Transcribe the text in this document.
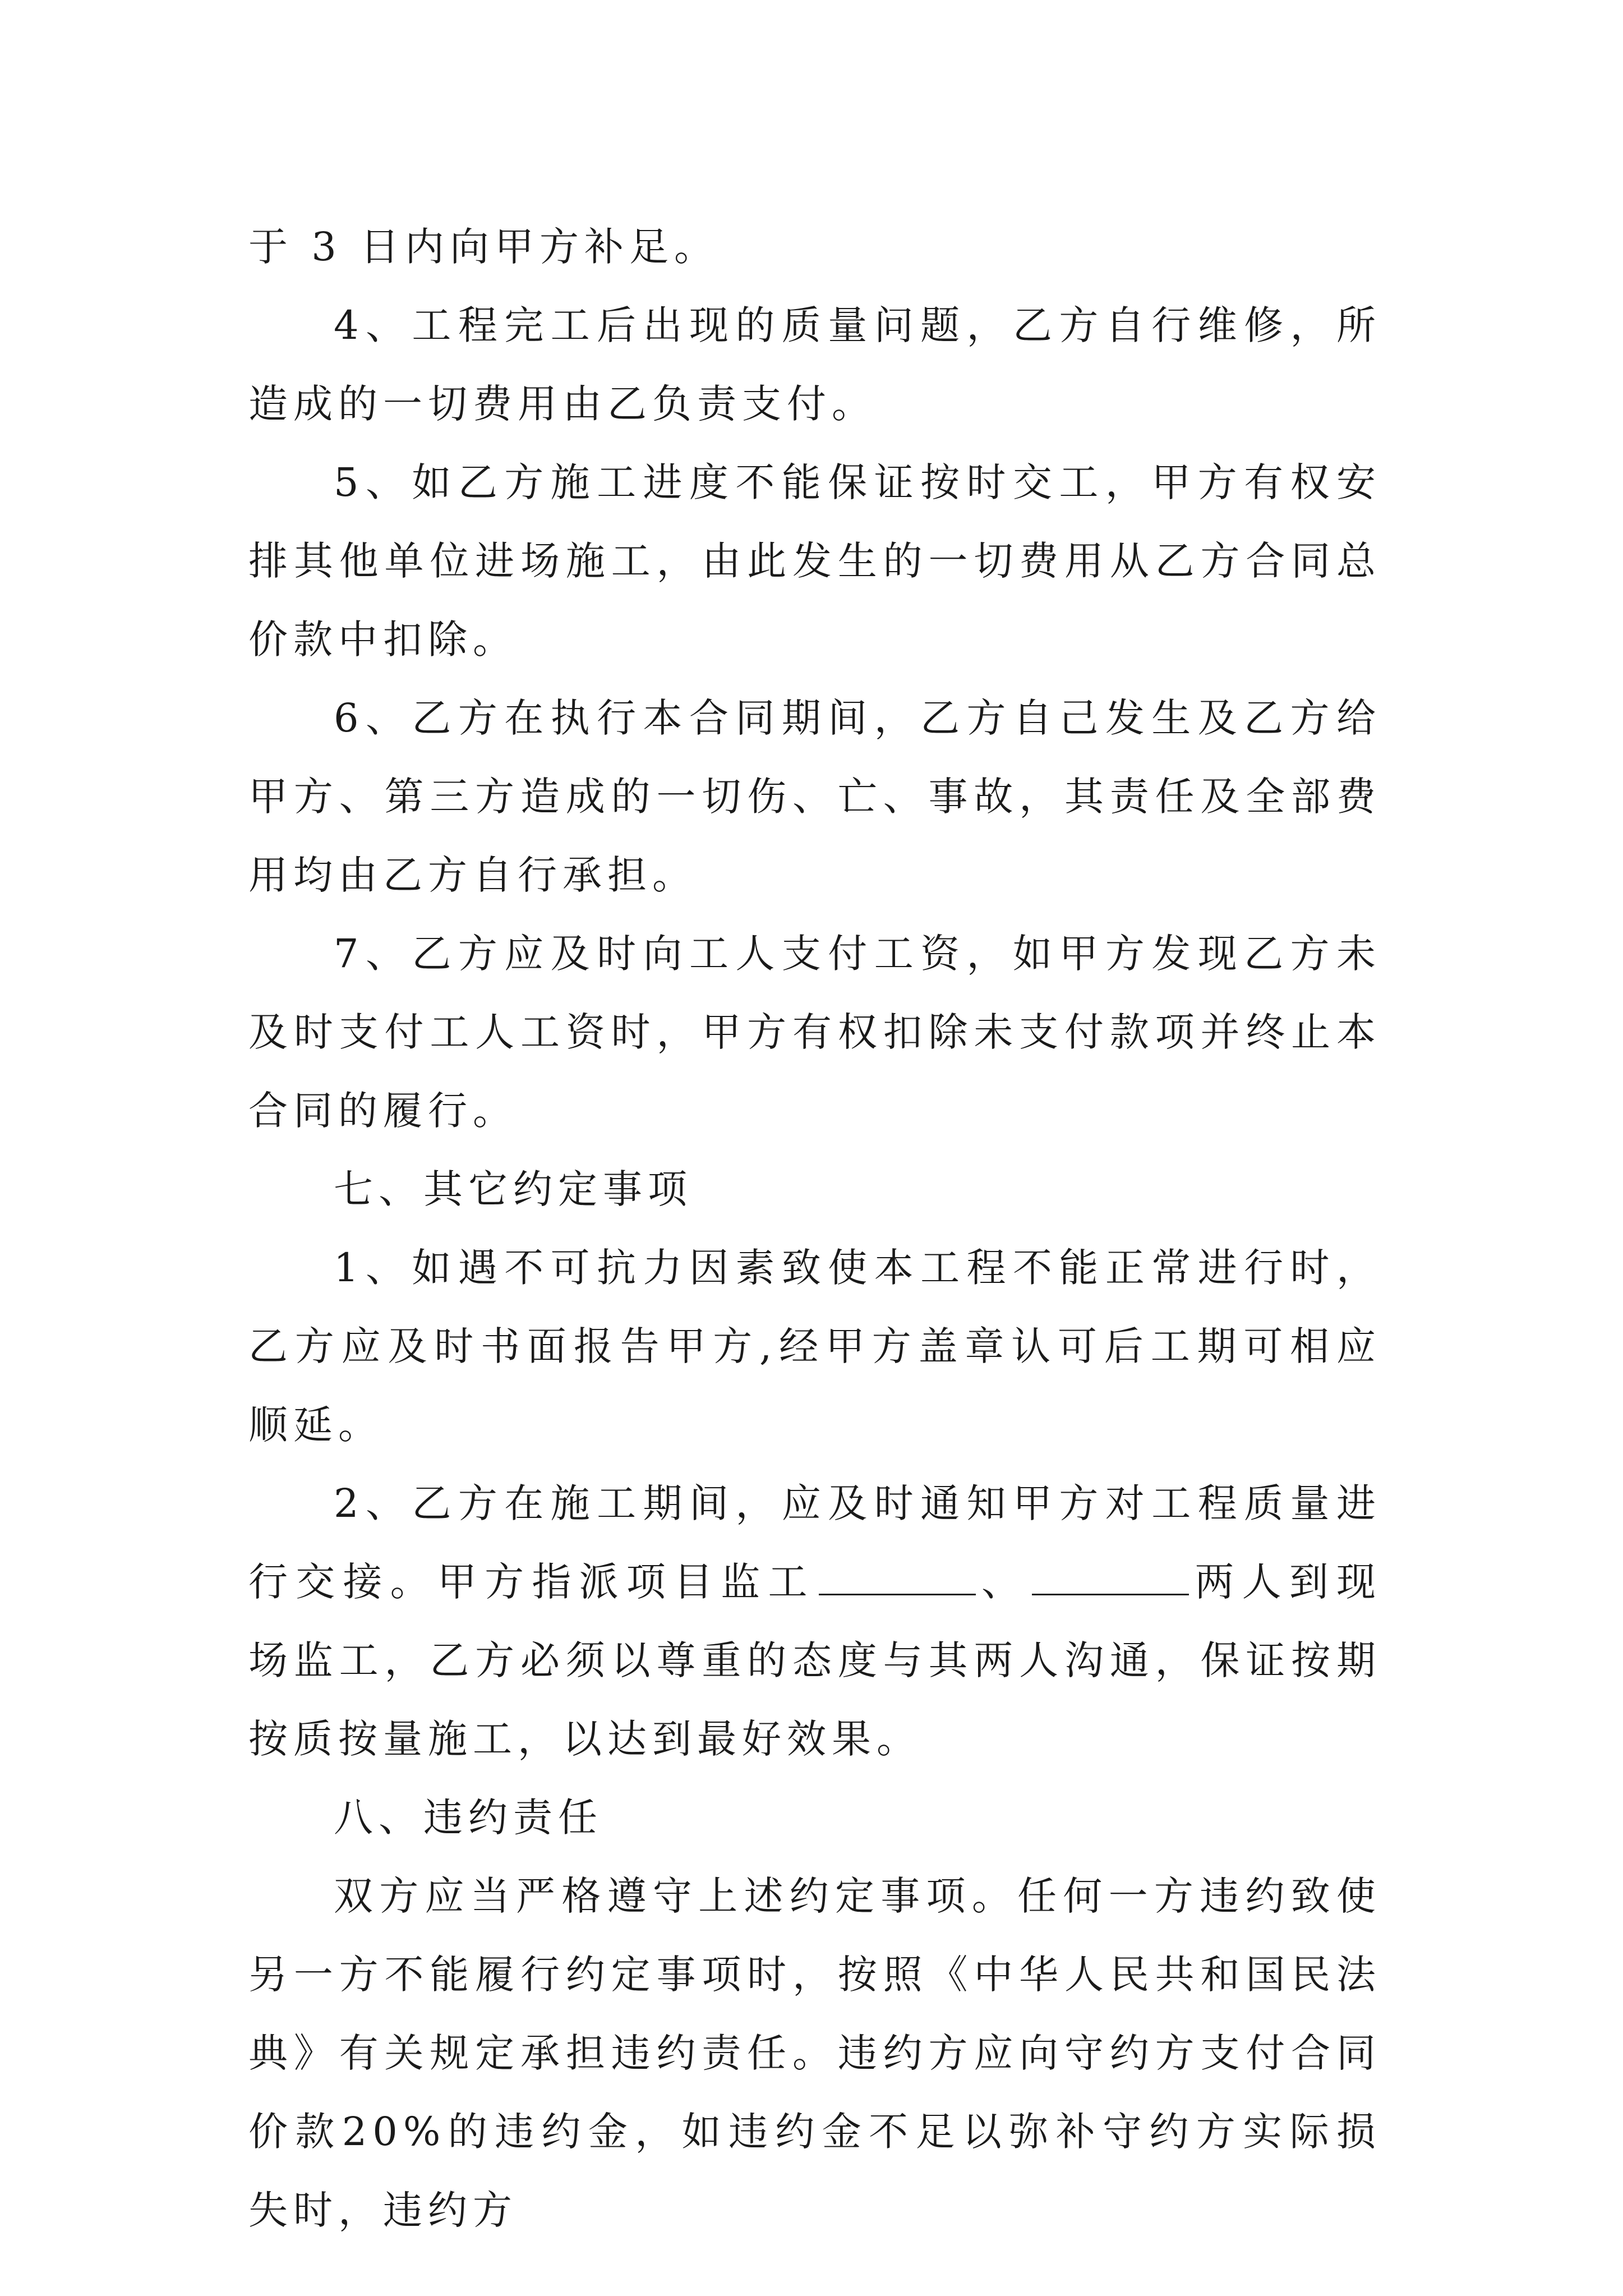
于 3 日内向甲方补足。

4、工程完工后出现的质量问题，乙方自行维修，所造成的一切费用由乙负责支付。

5、如乙方施工进度不能保证按时交工，甲方有权安排其他单位进场施工，由此发生的一切费用从乙方合同总价款中扣除。

6、乙方在执行本合同期间，乙方自己发生及乙方给甲方、第三方造成的一切伤、亡、事故，其责任及全部费用均由乙方自行承担。

7、乙方应及时向工人支付工资，如甲方发现乙方未及时支付工人工资时，甲方有权扣除未支付款项并终止本合同的履行。

七、其它约定事项

1、如遇不可抗力因素致使本工程不能正常进行时，乙方应及时书面报告甲方,经甲方盖章认可后工期可相应顺延。

2、乙方在施工期间，应及时通知甲方对工程质量进行交接。甲方指派项目监工	、	两人到现场监工，乙方必须以尊重的态度与其两人沟通，保证按期按质按量施工，以达到最好效果。

八、违约责任

双方应当严格遵守上述约定事项。任何一方违约致使另一方不能履行约定事项时，按照《中华人民共和国民法典》有关规定承担违约责任。违约方应向守约方支付合同价款20%的违约金，如违约金不足以弥补守约方实际损失时，违约方
